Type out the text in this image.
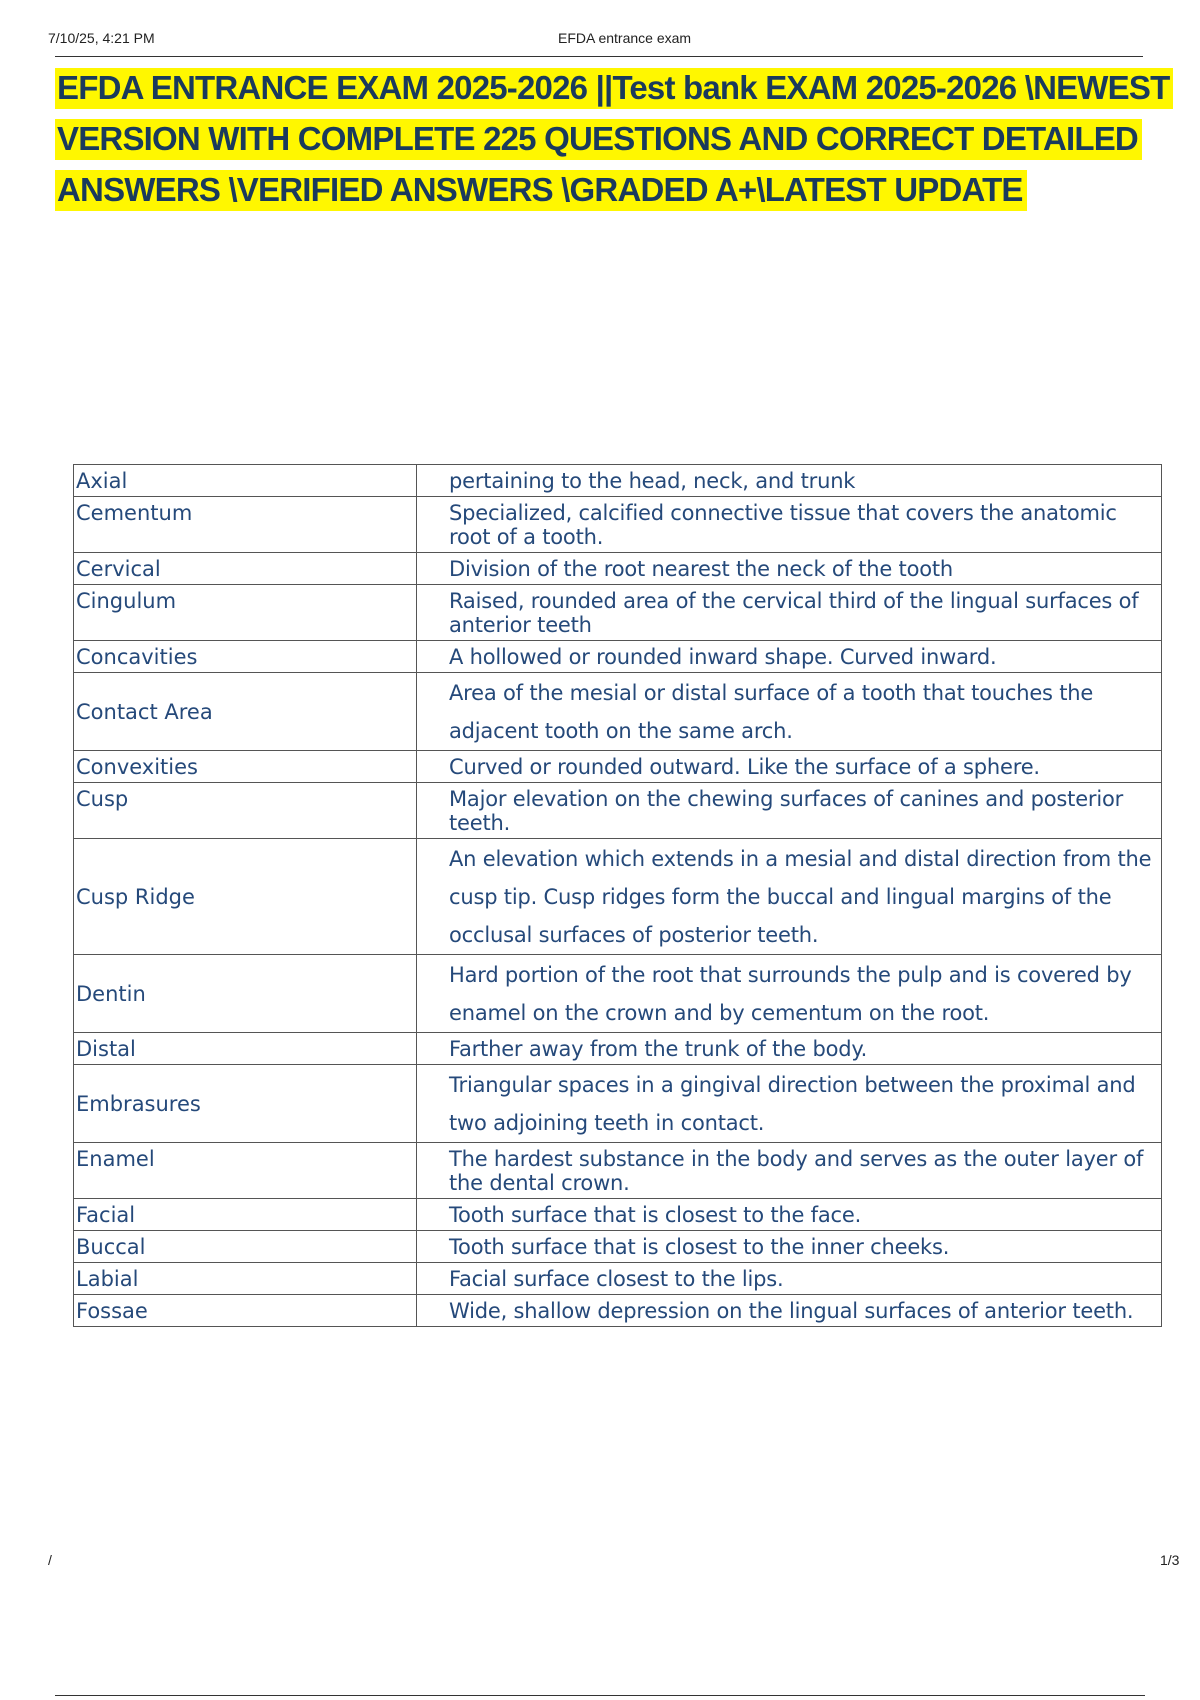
7/10/25, 4:21 PM	EFDA entrance exam
EFDA ENTRANCE EXAM 2025-2026 ||Test bank EXAM 2025-2026 \NEWEST VERSION WITH COMPLETE 225 QUESTIONS AND CORRECT DETAILED ANSWERS \VERIFIED ANSWERS \GRADED A+\LATEST UPDATE
Axial	pertaining to the head, neck, and trunk
Cementum	Specialized, calcified connective tissue that covers the anatomic root of a tooth.
Cervical	Division of the root nearest the neck of the tooth
Cingulum	Raised, rounded area of the cervical third of the lingual surfaces of anterior teeth
Concavities	A hollowed or rounded inward shape. Curved inward.
Contact Area	Area of the mesial or distal surface of a tooth that touches the adjacent tooth on the same arch.
Convexities	Curved or rounded outward. Like the surface of a sphere.
Cusp	Major elevation on the chewing surfaces of canines and posterior teeth.
Cusp Ridge	An elevation which extends in a mesial and distal direction from the cusp tip. Cusp ridges form the buccal and lingual margins of the occlusal surfaces of posterior teeth.
Dentin	Hard portion of the root that surrounds the pulp and is covered by enamel on the crown and by cementum on the root.
Distal	Farther away from the trunk of the body.
Embrasures	Triangular spaces in a gingival direction between the proximal and two adjoining teeth in contact.
Enamel	The hardest substance in the body and serves as the outer layer of the dental crown.
Facial	Tooth surface that is closest to the face.
Buccal	Tooth surface that is closest to the inner cheeks.
Labial	Facial surface closest to the lips.
Fossae	Wide, shallow depression on the lingual surfaces of anterior teeth.
/	1/3
